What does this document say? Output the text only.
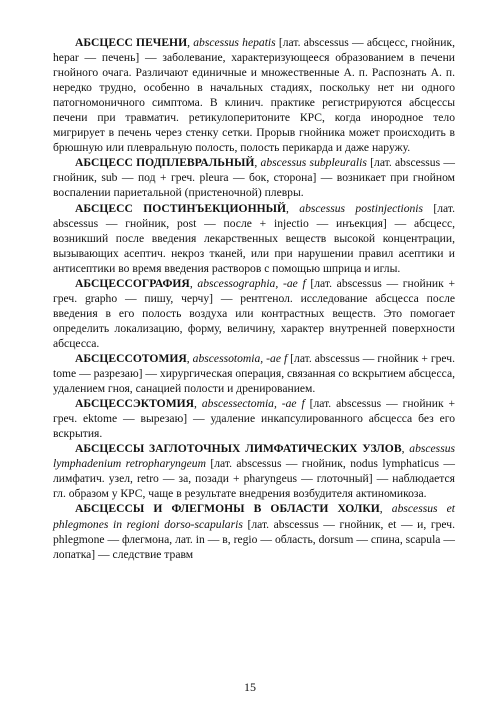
АБСЦЕСС ПЕЧЕНИ, abscessus hepatis [лат. abscessus — абсцесс, гнойник, hepar — печень] — заболевание, характеризующееся образованием в печени гнойного очага. Различают единичные и множественные А. п. Распознать А. п. нередко трудно, особенно в начальных стадиях, поскольку нет ни одного патогномоничного симптома. В клинич. практике регистрируются абсцессы печени при травматич. ретикулоперитоните КРС, когда инородное тело мигрирует в печень через стенку сетки. Прорыв гнойника может происходить в брюшную или плевральную полость, полость перикарда и даже наружу.

АБСЦЕСС ПОДПЛЕВРАЛЬНЫЙ, abscessus subpleuralis [лат. abscessus — гнойник, sub — под + греч. pleura — бок, сторона] — возникает при гнойном воспалении париетальной (пристеночной) плевры.

АБСЦЕСС ПОСТИНЪЕКЦИОННЫЙ, abscessus postinjectionis [лат. abscessus — гнойник, post — после + injectio — инъекция] — абсцесс, возникший после введения лекарственных веществ высокой концентрации, вызывающих асептич. некроз тканей, или при нарушении правил асептики и антисептики во время введения растворов с помощью шприца и иглы.

АБСЦЕССОГРАФИЯ, abscessographia, -ae f [лат. abscessus — гнойник + греч. grapho — пишу, черчу] — рентгенол. исследование абсцесса после введения в его полость воздуха или контрастных веществ. Это помогает определить локализацию, форму, величину, характер внутренней поверхности абсцесса.

АБСЦЕССОТОМИЯ, abscessotomia, -ae f [лат. abscessus — гнойник + греч. tome — разрезаю] — хирургическая операция, связанная со вскрытием абсцесса, удалением гноя, санацией полости и дренированием.

АБСЦЕССЭКТОМИЯ, abscessectomia, -ae f [лат. abscessus — гнойник + греч. ektome — вырезаю] — удаление инкапсулированного абсцесса без его вскрытия.

АБСЦЕССЫ ЗАГЛОТОЧНЫХ ЛИМФАТИЧЕСКИХ УЗЛОВ, abscessus lymphadenium retropharyngeum [лат. abscessus — гнойник, nodus lymphaticus — лимфатич. узел, retro — за, позади + pharyngeus — глоточный] — наблюдается гл. образом у КРС, чаще в результате внедрения возбудителя актиномикоза.

АБСЦЕССЫ И ФЛЕГМОНЫ В ОБЛАСТИ ХОЛКИ, abscessus et phlegmones in regioni dorso-scapularis [лат. abscessus — гнойник, et — и, греч. phlegmone — флегмона, лат. in — в, regio — область, dorsum — спина, scapula — лопатка] — следствие травм

15
